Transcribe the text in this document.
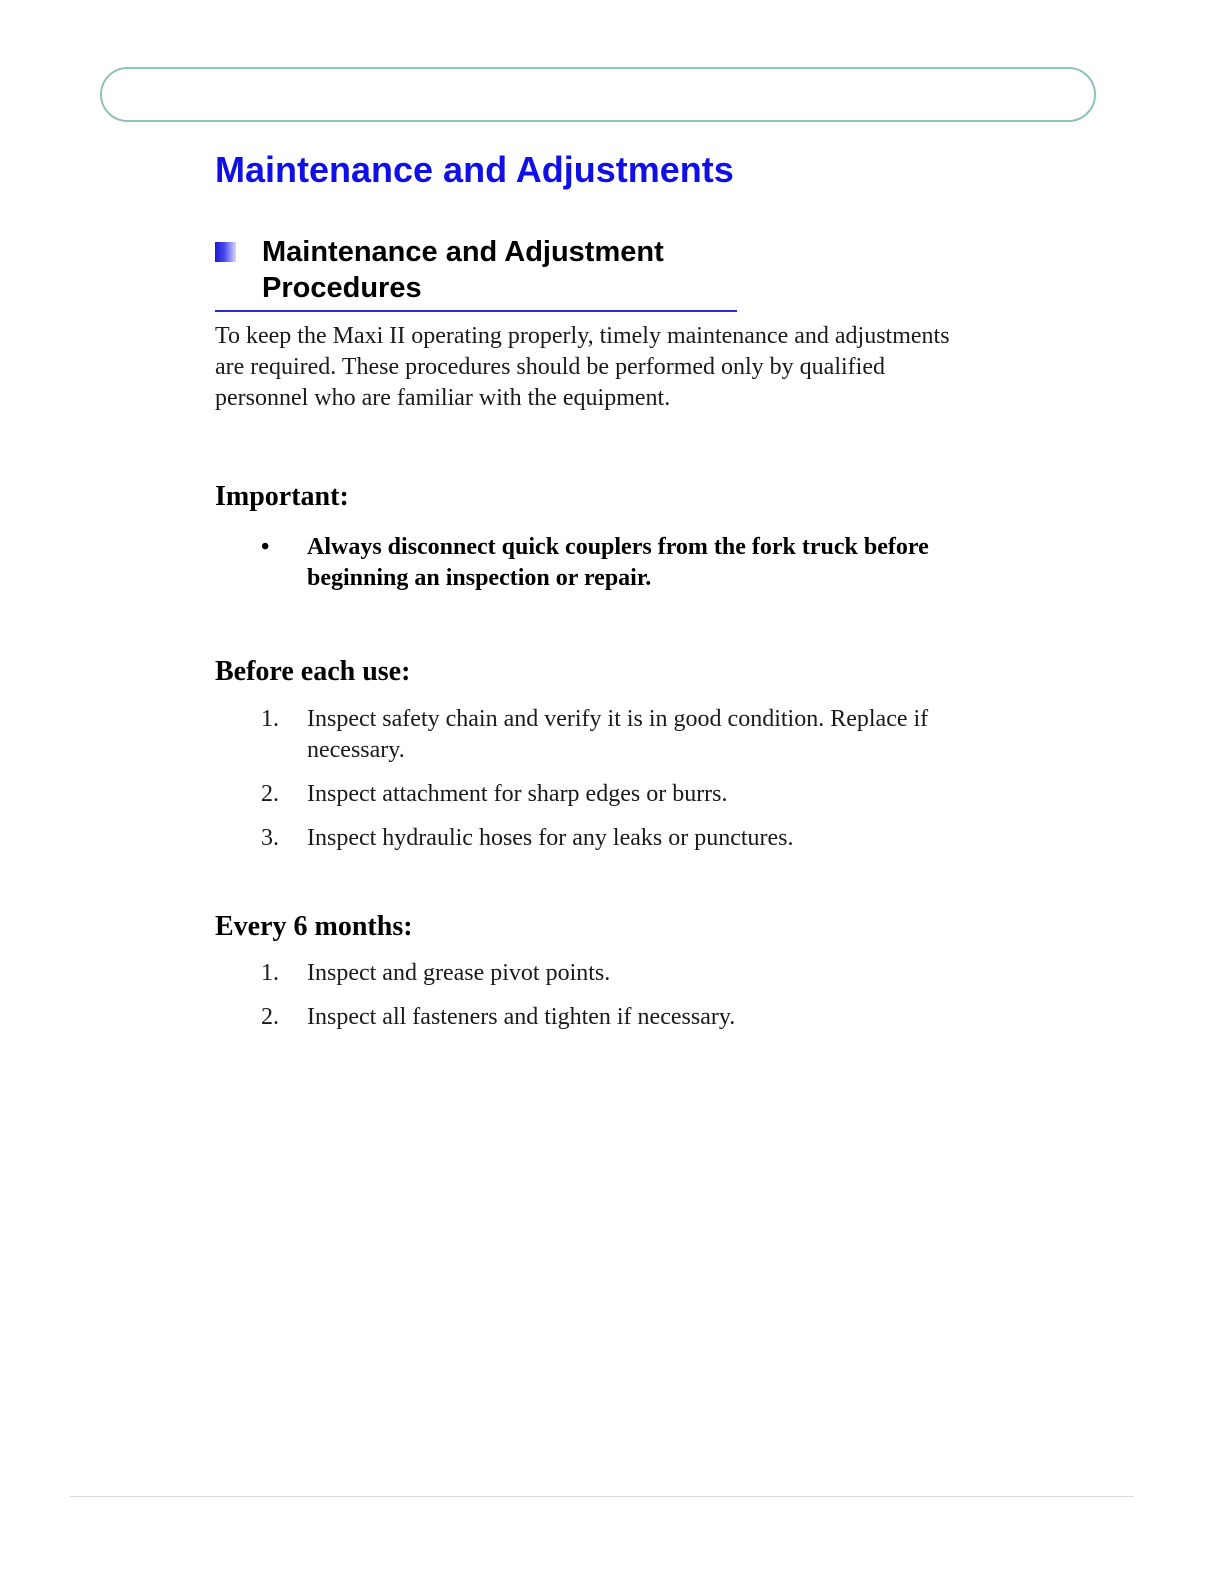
Maintenance and Adjustments
Maintenance and Adjustment Procedures

To keep the Maxi II operating properly, timely maintenance and adjustments are required. These procedures should be performed only by qualified personnel who are familiar with the equipment.

Important:
• Always disconnect quick couplers from the fork truck before beginning an inspection or repair.
Before each use:
1. Inspect safety chain and verify it is in good condition. Replace if necessary.
2. Inspect attachment for sharp edges or burrs.
3. Inspect hydraulic hoses for any leaks or punctures.
Every 6 months:
1. Inspect and grease pivot points.
2. Inspect all fasteners and tighten if necessary.
